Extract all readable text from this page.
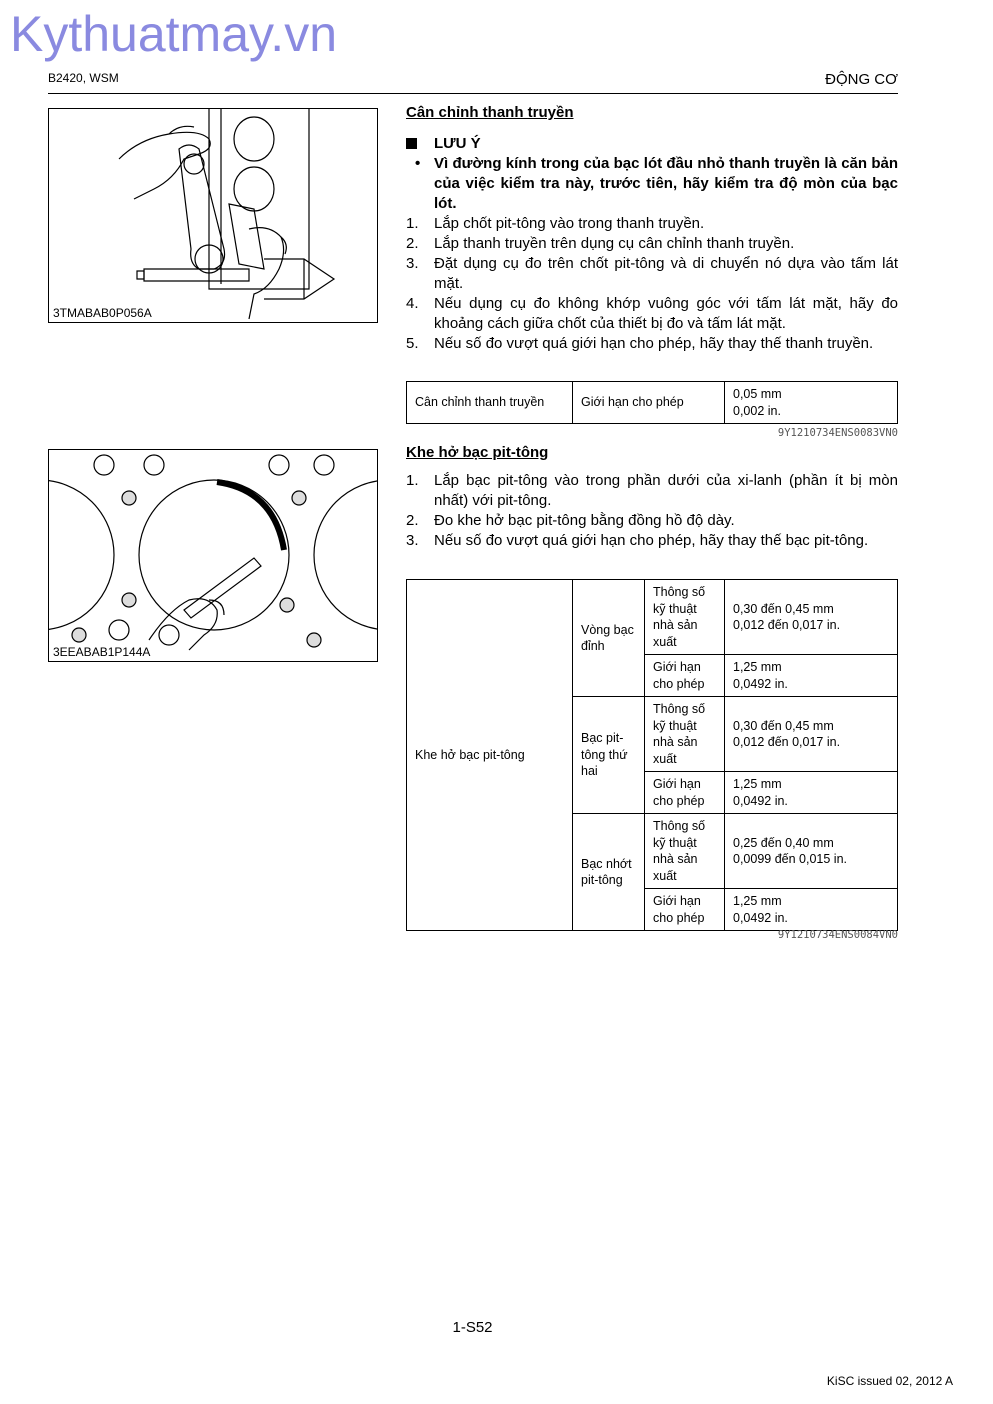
Kythuatmay.vn
B2420, WSM	ĐỘNG CƠ
3TMABAB0P056A
3EEABAB1P144A
Cân chỉnh thanh truyền
LƯU Ý
• Vì đường kính trong của bạc lót đầu nhỏ thanh truyền là căn bản của việc kiểm tra này, trước tiên, hãy kiểm tra độ mòn của bạc lót.
1. Lắp chốt pit-tông vào trong thanh truyền.
2. Lắp thanh truyền trên dụng cụ cân chỉnh thanh truyền.
3. Đặt dụng cụ đo trên chốt pit-tông và di chuyển nó dựa vào tấm lát mặt.
4. Nếu dụng cụ đo không khớp vuông góc với tấm lát mặt, hãy đo khoảng cách giữa chốt của thiết bị đo và tấm lát mặt.
5. Nếu số đo vượt quá giới hạn cho phép, hãy thay thế thanh truyền.
Cân chỉnh thanh truyền	Giới hạn cho phép	
0,05 mm
0,002 in.
9Y1210734ENS0083VN0
Khe hở bạc pit-tông
1. Lắp bạc pit-tông vào trong phần dưới của xi-lanh (phần ít bị mòn nhất) với pit-tông.
2. Đo khe hở bạc pit-tông bằng đồng hồ độ dày.
3. Nếu số đo vượt quá giới hạn cho phép, hãy thay thế bạc pit-tông.
Khe hở bạc pit-tông	Vòng bạc đỉnh	Thông số kỹ thuật nhà sản xuất	0,30 đến 0,45 mm
0,012 đến 0,017 in.

		Giới hạn cho phép	1,25 mm
0,0492 in.

	Bạc pit-tông thứ hai	Thông số kỹ thuật nhà sản xuất	0,30 đến 0,45 mm
0,012 đến 0,017 in.

		Giới hạn cho phép	1,25 mm
0,0492 in.

	Bạc nhớt pit-tông	Thông số kỹ thuật nhà sản xuất	0,25 đến 0,40 mm
0,0099 đến 0,015 in.

		Giới hạn cho phép	1,25 mm
0,0492 in.
9Y1210734ENS0084VN0
1-S52
KiSC issued 02, 2012 A
